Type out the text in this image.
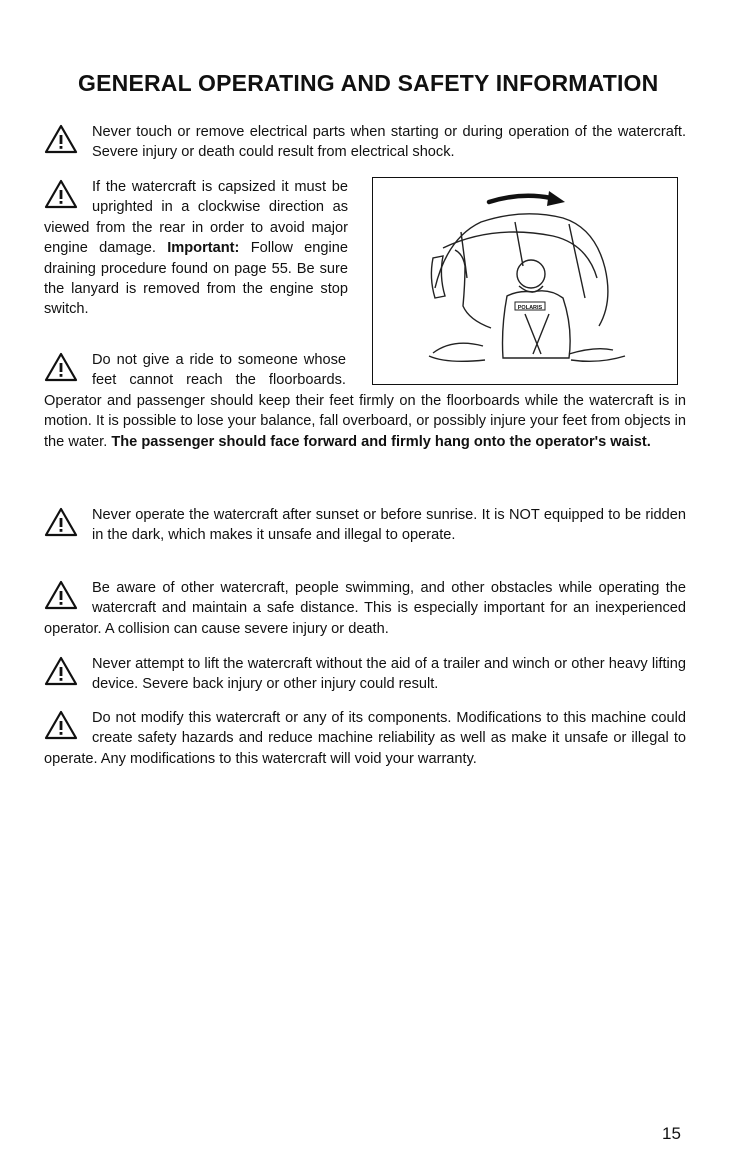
GENERAL OPERATING AND SAFETY INFORMATION

Never touch or remove electrical parts when starting or during operation of the watercraft. Severe injury or death could result from electrical shock.

POLARIS

If the watercraft is capsized it must be uprighted in a clockwise direction as viewed from the rear in order to avoid major engine damage. Important: Follow engine draining procedure found on page 55. Be sure the lanyard is removed from the engine stop switch.

Do not give a ride to someone whose feet cannot reach the floorboards. Operator and passenger should keep their feet firmly on the floorboards while the watercraft is in motion. It is possible to lose your balance, fall overboard, or possibly injure your feet from objects in the water. The passenger should face forward and firmly hang onto the operator's waist.

Never operate the watercraft after sunset or before sunrise. It is NOT equipped to be ridden in the dark, which makes it unsafe and illegal to operate.

Be aware of other watercraft, people swimming, and other obstacles while operating the watercraft and maintain a safe distance. This is especially important for an inexperienced operator. A collision can cause severe injury or death.

Never attempt to lift the watercraft without the aid of a trailer and winch or other heavy lifting device. Severe back injury or other injury could result.

Do not modify this watercraft or any of its components. Modifications to this machine could create safety hazards and reduce machine reliability as well as make it unsafe or illegal to operate. Any modifications to this watercraft will void your warranty.

15
